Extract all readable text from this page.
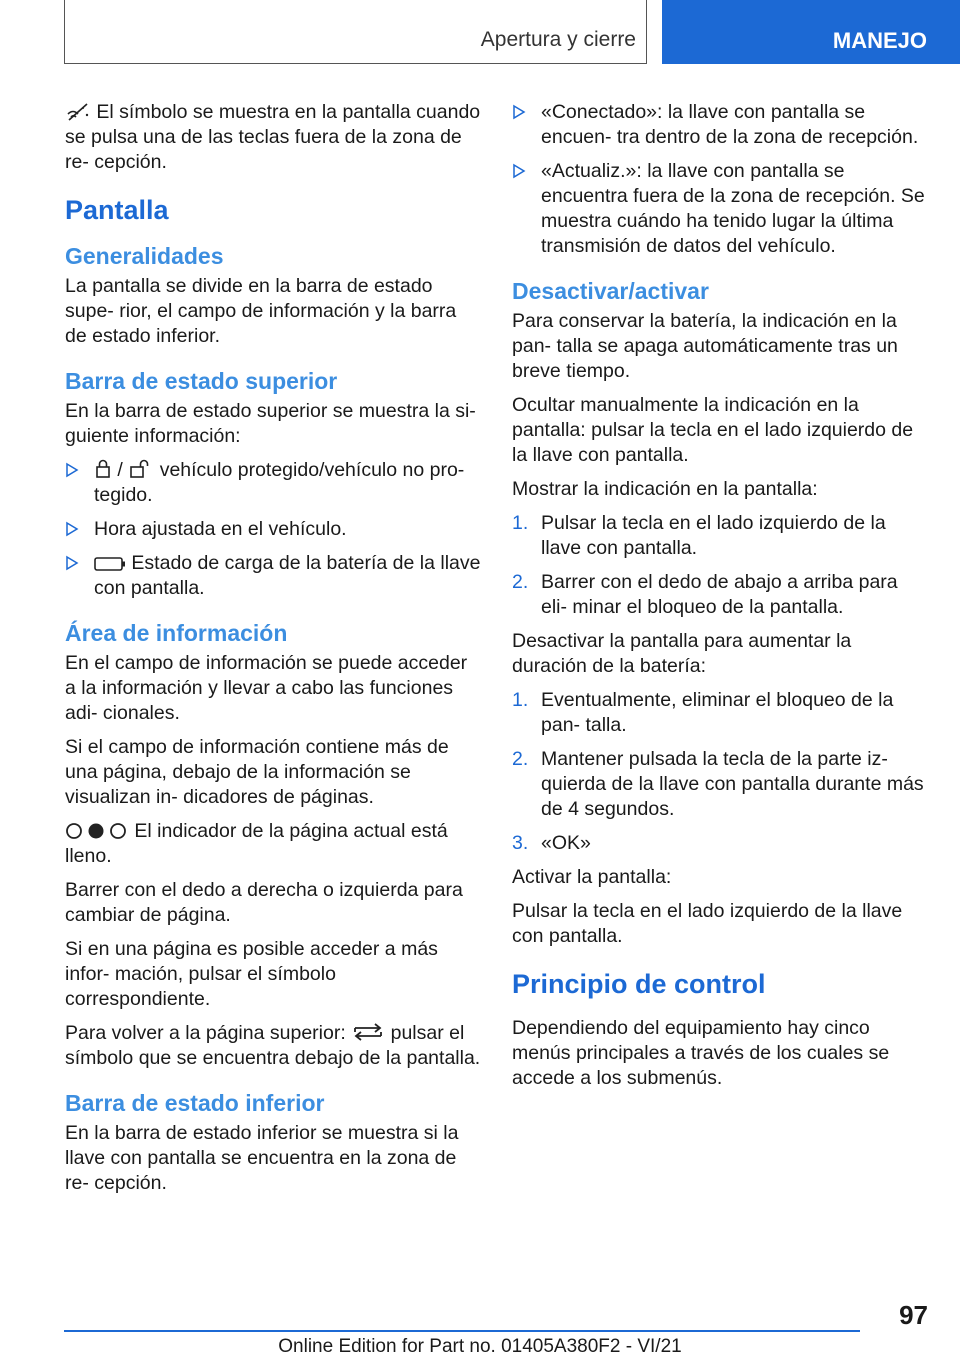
Apertura y cierre	MANEJO

El símbolo se muestra en la pantalla cuando se pulsa una de las teclas fuera de la zona de re- cepción.

Pantalla
Generalidades

La pantalla se divide en la barra de estado supe- rior, el campo de información y la barra de estado inferior.

Barra de estado superior

En la barra de estado superior se muestra la si- guiente información:

/ vehículo protegido/vehículo no pro- tegido.
Hora ajustada en el vehículo.
Estado de carga de la batería de la llave con pantalla.
Área de información

En el campo de información se puede acceder a la información y llevar a cabo las funciones adi- cionales.

Si el campo de información contiene más de una página, debajo de la información se visualizan in- dicadores de páginas.

El indicador de la página actual está lleno.

Barrer con el dedo a derecha o izquierda para cambiar de página.

Si en una página es posible acceder a más infor- mación, pulsar el símbolo correspondiente.

Para volver a la página superior: pulsar el símbolo que se encuentra debajo de la pantalla.

Barra de estado inferior

En la barra de estado inferior se muestra si la llave con pantalla se encuentra en la zona de re- cepción.

«Conectado»: la llave con pantalla se encuen- tra dentro de la zona de recepción.
«Actualiz.»: la llave con pantalla se encuentra fuera de la zona de recepción. Se muestra cuándo ha tenido lugar la última transmisión de datos del vehículo.
Desactivar/activar

Para conservar la batería, la indicación en la pan- talla se apaga automáticamente tras un breve tiempo.

Ocultar manualmente la indicación en la pantalla: pulsar la tecla en el lado izquierdo de la llave con pantalla.

Mostrar la indicación en la pantalla:

1. Pulsar la tecla en el lado izquierdo de la llave con pantalla.
2. Barrer con el dedo de abajo a arriba para eli- minar el bloqueo de la pantalla.

Desactivar la pantalla para aumentar la duración de la batería:

1. Eventualmente, eliminar el bloqueo de la pan- talla.
2. Mantener pulsada la tecla de la parte iz- quierda de la llave con pantalla durante más de 4 segundos.
3. «OK»

Activar la pantalla:

Pulsar la tecla en el lado izquierdo de la llave con pantalla.

Principio de control

Dependiendo del equipamiento hay cinco menús principales a través de los cuales se accede a los submenús.

97
Online Edition for Part no. 01405A380F2 - VI/21
